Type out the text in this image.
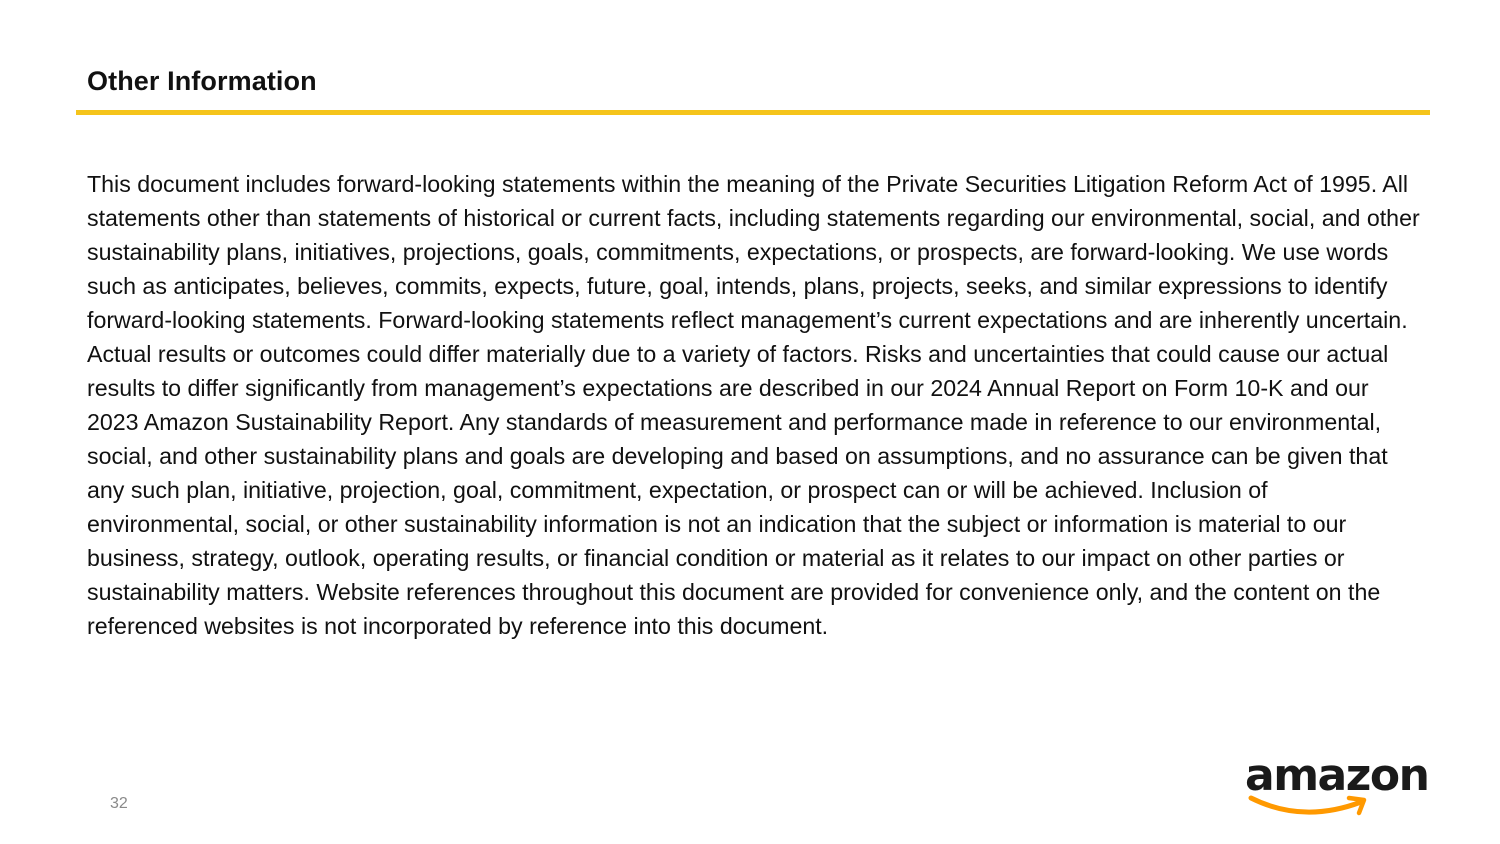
Other Information

This document includes forward-looking statements within the meaning of the Private Securities Litigation Reform Act of 1995. All statements other than statements of historical or current facts, including statements regarding our environmental, social, and other sustainability plans, initiatives, projections, goals, commitments, expectations, or prospects, are forward-looking. We use words such as anticipates, believes, commits, expects, future, goal, intends, plans, projects, seeks, and similar expressions to identify forward-looking statements. Forward-looking statements reflect management’s current expectations and are inherently uncertain. Actual results or outcomes could differ materially due to a variety of factors. Risks and uncertainties that could cause our actual results to differ significantly from management’s expectations are described in our 2024 Annual Report on Form 10-K and our 2023 Amazon Sustainability Report. Any standards of measurement and performance made in reference to our environmental, social, and other sustainability plans and goals are developing and based on assumptions, and no assurance can be given that any such plan, initiative, projection, goal, commitment, expectation, or prospect can or will be achieved. Inclusion of environmental, social, or other sustainability information is not an indication that the subject or information is material to our business, strategy, outlook, operating results, or financial condition or material as it relates to our impact on other parties or sustainability matters. Website references throughout this document are provided for convenience only, and the content on the referenced websites is not incorporated by reference into this document.

32
amazon
